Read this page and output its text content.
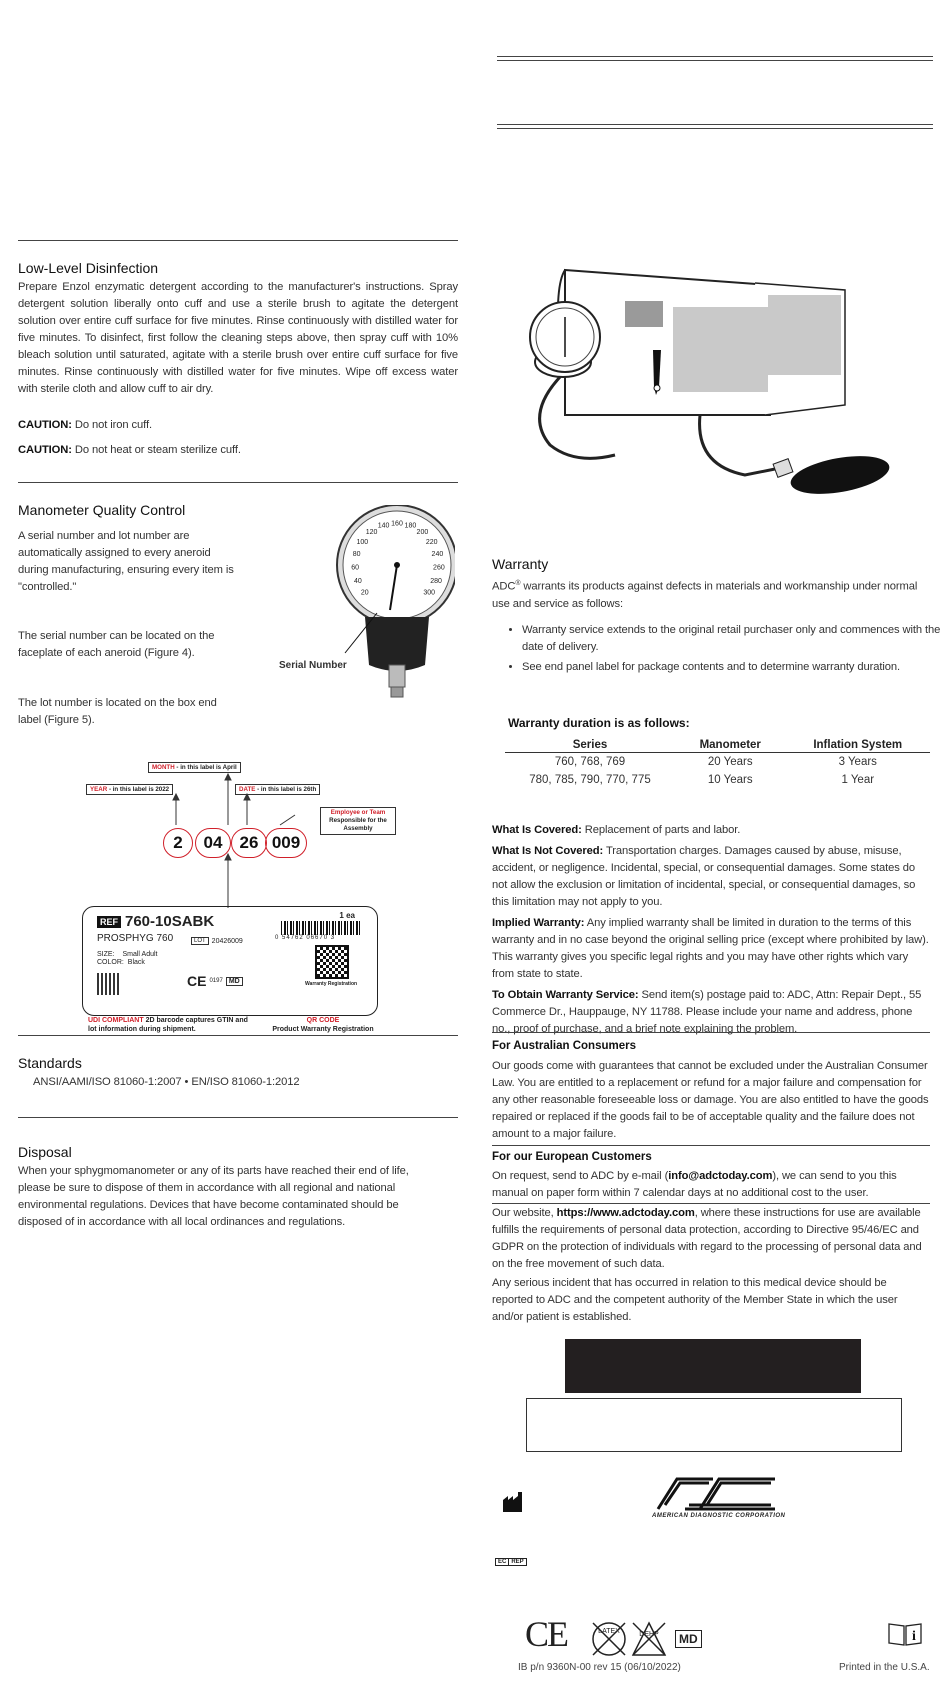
Low-Level Disinfection

Prepare Enzol enzymatic detergent according to the manufacturer's instructions. Spray detergent solution liberally onto cuff and use a sterile brush to agitate the detergent solution over entire cuff surface for five minutes. Rinse continuously with distilled water for five minutes. To disinfect, first follow the cleaning steps above, then spray cuff with 10% bleach solution until saturated, agitate with a sterile brush over entire cuff surface for five minutes. Rinse continuously with distilled water for five minutes. Wipe off excess water with sterile cloth and allow cuff to air dry.

CAUTION: Do not iron cuff.
CAUTION: Do not heat or steam sterilize cuff.
Manometer Quality Control
A serial number and lot number are automatically assigned to every aneroid during manufacturing, ensuring every item is "controlled."
The serial number can be located on the faceplate of each aneroid (Figure 4).
The lot number is located on the box end label (Figure 5).
20
40
60
80
100
120
140 160 180
200
220
240
260
280
300
Serial Number
MONTH - in this label is April
YEAR - in this label is 2022	DATE - in this label is 26th
Employee or Team
Responsible for the Assembly
2	04	26 009
REF 760-10SABK
PROSPHYG 760	LOT 20426009
SIZE: Small Adult
COLOR: Black
CE 0197 MD
1 ea
0 54762 06670 3
Warranty Registration
UDI COMPLIANT 2D barcode captures GTIN and lot information during shipment.
QR CODE
Product Warranty Registration
Standards
ANSI/AAMI/ISO 81060-1:2007 • EN/ISO 81060-1:2012
Disposal
When your sphygmomanometer or any of its parts have reached their end of life, please be sure to dispose of them in accordance with all regional and national environmental regulations. Devices that have become contaminated should be disposed of in accordance with all local ordinances and regulations.
Warranty
ADC® warrants its products against defects in materials and workmanship under normal use and service as follows:
• Warranty service extends to the original retail purchaser only and commences with the date of delivery.
• See end panel label for package contents and to determine warranty duration.
Warranty duration is as follows:
Series	Manometer	Inflation System
760, 768, 769	20 Years	3 Years
780, 785, 790, 770, 775	10 Years	1 Year

What Is Covered: Replacement of parts and labor.

What Is Not Covered: Transportation charges. Damages caused by abuse, misuse, accident, or negligence. Incidental, special, or consequential damages. Some states do not allow the exclusion or limitation of incidental, special, or consequential damages, so this limitation may not apply to you.

Implied Warranty: Any implied warranty shall be limited in duration to the terms of this warranty and in no case beyond the original selling price (except where prohibited by law). This warranty gives you specific legal rights and you may have other rights which vary from state to state.

To Obtain Warranty Service: Send item(s) postage paid to: ADC, Attn: Repair Dept., 55 Commerce Dr., Hauppauge, NY 11788. Please include your name and address, phone no., proof of purchase, and a brief note explaining the problem.

For Australian Consumers
Our goods come with guarantees that cannot be excluded under the Australian Consumer Law. You are entitled to a replacement or refund for a major failure and compensation for any other reasonable foreseeable loss or damage. You are also entitled to have the goods repaired or replaced if the goods fail to be of acceptable quality and the failure does not amount to a major failure.
For our European Customers
On request, send to ADC by e-mail (info@adctoday.com), we can send to you this manual on paper form within 7 calendar days at no additional cost to the user.
Our website, https://www.adctoday.com, where these instructions for use are available fulfills the requirements of personal data protection, according to Directive 95/46/EC and GDPR on the protection of individuals with regard to the processing of personal data and on the free movement of such data.
Any serious incident that has occurred in relation to this medical device should be reported to ADC and the competent authority of the Member State in which the user and/or patient is established.
AMERICAN DIAGNOSTIC CORPORATION
EC REP
CE	LATEX	DEHP	MD	i
IB p/n 9360N-00 rev 15 (06/10/2022)	Printed in the U.S.A.
